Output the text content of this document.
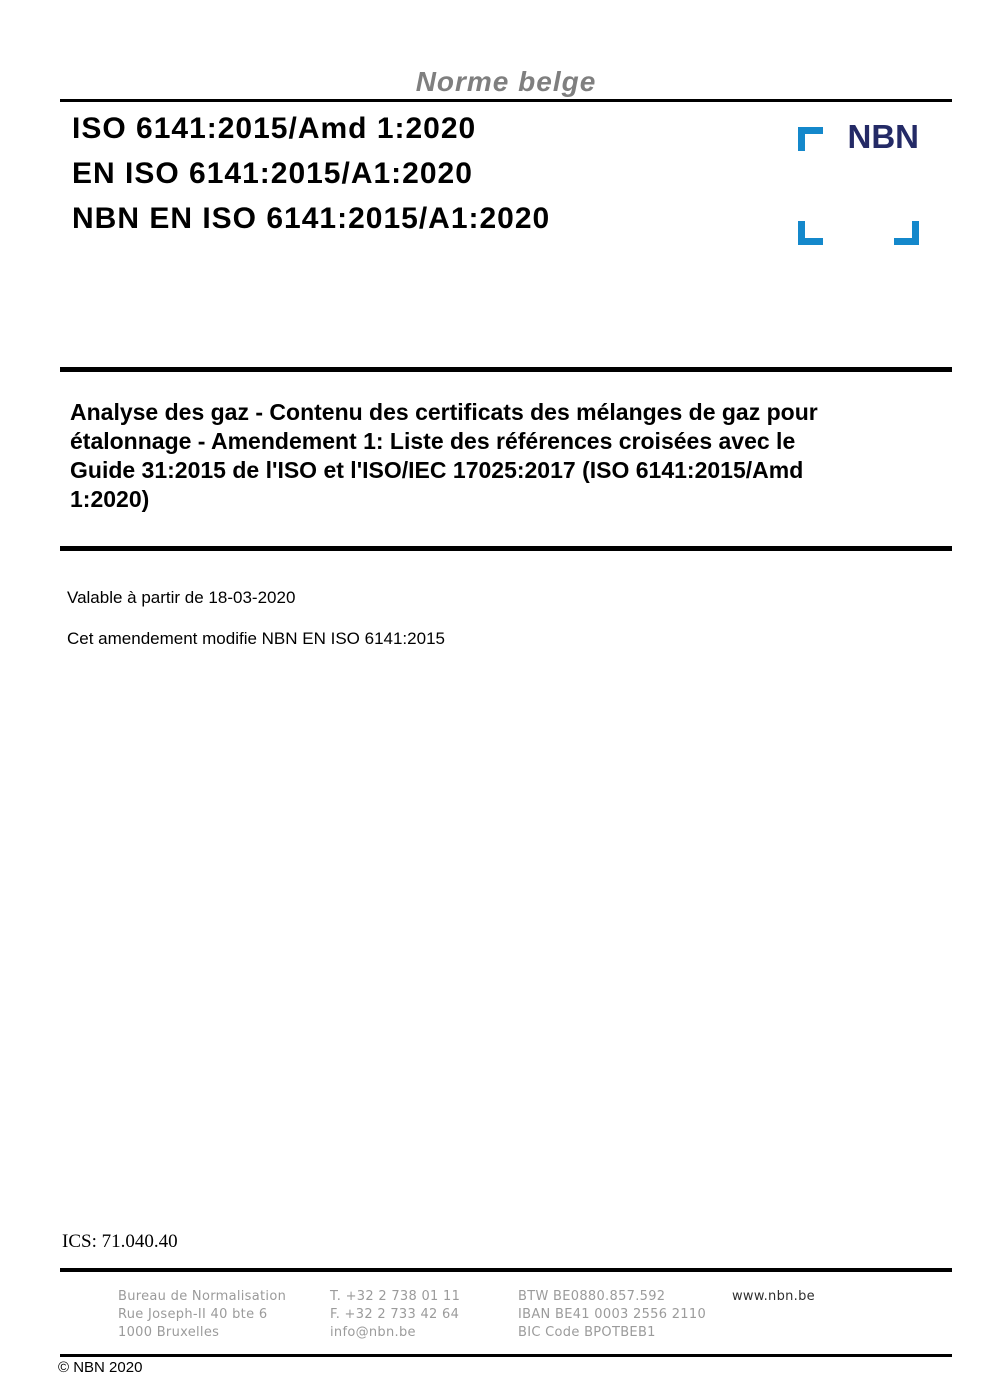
Norme belge
ISO 6141:2015/Amd 1:2020
EN ISO 6141:2015/A1:2020
NBN EN ISO 6141:2015/A1:2020
NBN
Analyse des gaz - Contenu des certificats des mélanges de gaz pour étalonnage - Amendement 1: Liste des références croisées avec le Guide 31:2015 de l'ISO et l'ISO/IEC 17025:2017 (ISO 6141:2015/Amd 1:2020)
Valable à partir de 18-03-2020
Cet amendement modifie NBN EN ISO 6141:2015
ICS: 71.040.40
Bureau de Normalisation
Rue Joseph-II 40 bte 6
1000 Bruxelles
T. +32 2 738 01 11
F. +32 2 733 42 64
info@nbn.be
BTW BE0880.857.592
IBAN BE41 0003 2556 2110
BIC Code BPOTBEB1
www.nbn.be
© NBN 2020
